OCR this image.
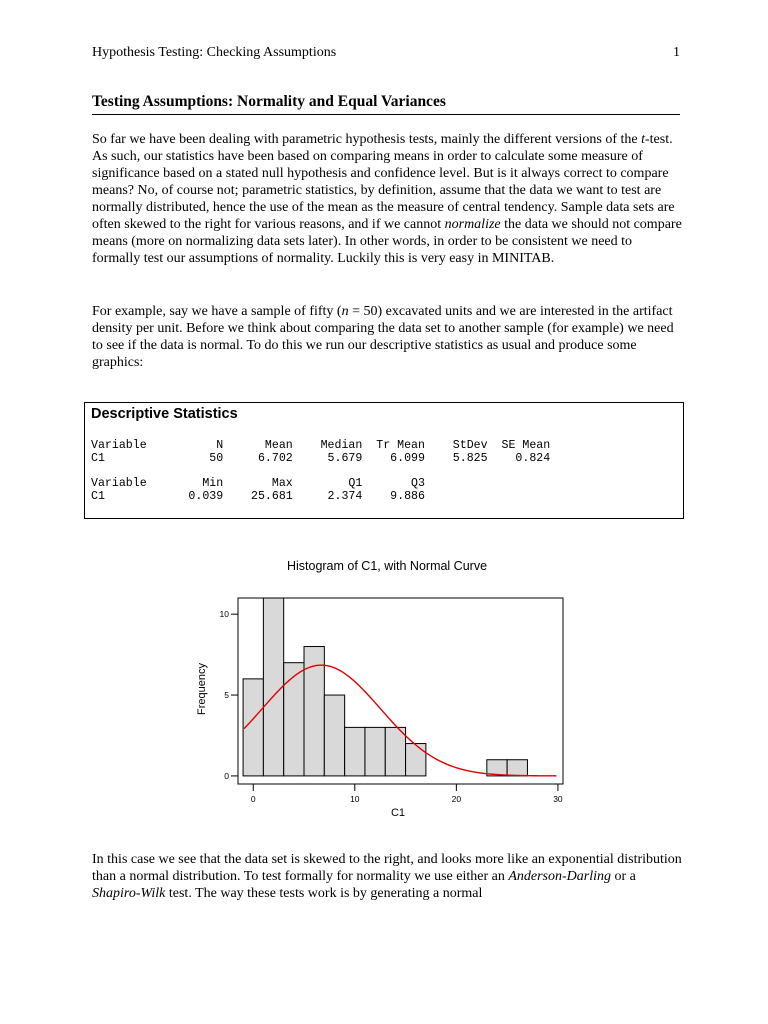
Hypothesis Testing: Checking Assumptions	1
Testing Assumptions: Normality and Equal Variances

So far we have been dealing with parametric hypothesis tests, mainly the different versions of the t-test. As such, our statistics have been based on comparing means in order to calculate some measure of significance based on a stated null hypothesis and confidence level. But is it always correct to compare means? No, of course not; parametric statistics, by definition, assume that the data we want to test are normally distributed, hence the use of the mean as the measure of central tendency. Sample data sets are often skewed to the right for various reasons, and if we cannot normalize the data we should not compare means (more on normalizing data sets later). In other words, in order to be consistent we need to formally test our assumptions of normality. Luckily this is very easy in MINITAB.

For example, say we have a sample of fifty (n = 50) excavated units and we are interested in the artifact density per unit. Before we think about comparing the data set to another sample (for example) we need to see if the data is normal. To do this we run our descriptive statistics as usual and produce some graphics:

Descriptive Statistics
Variable          N      Mean    Median  Tr Mean    StDev  SE Mean
C1               50     6.702     5.679    6.099    5.825    0.824
Variable        Min       Max        Q1       Q3
C1            0.039    25.681     2.374    9.886
Histogram of C1, with Normal Curve
0
5
10
0	10	20	30
C1
Frequency

In this case we see that the data set is skewed to the right, and looks more like an exponential distribution than a normal distribution. To test formally for normality we use either an Anderson-Darling or a Shapiro-Wilk test. The way these tests work is by generating a normal
